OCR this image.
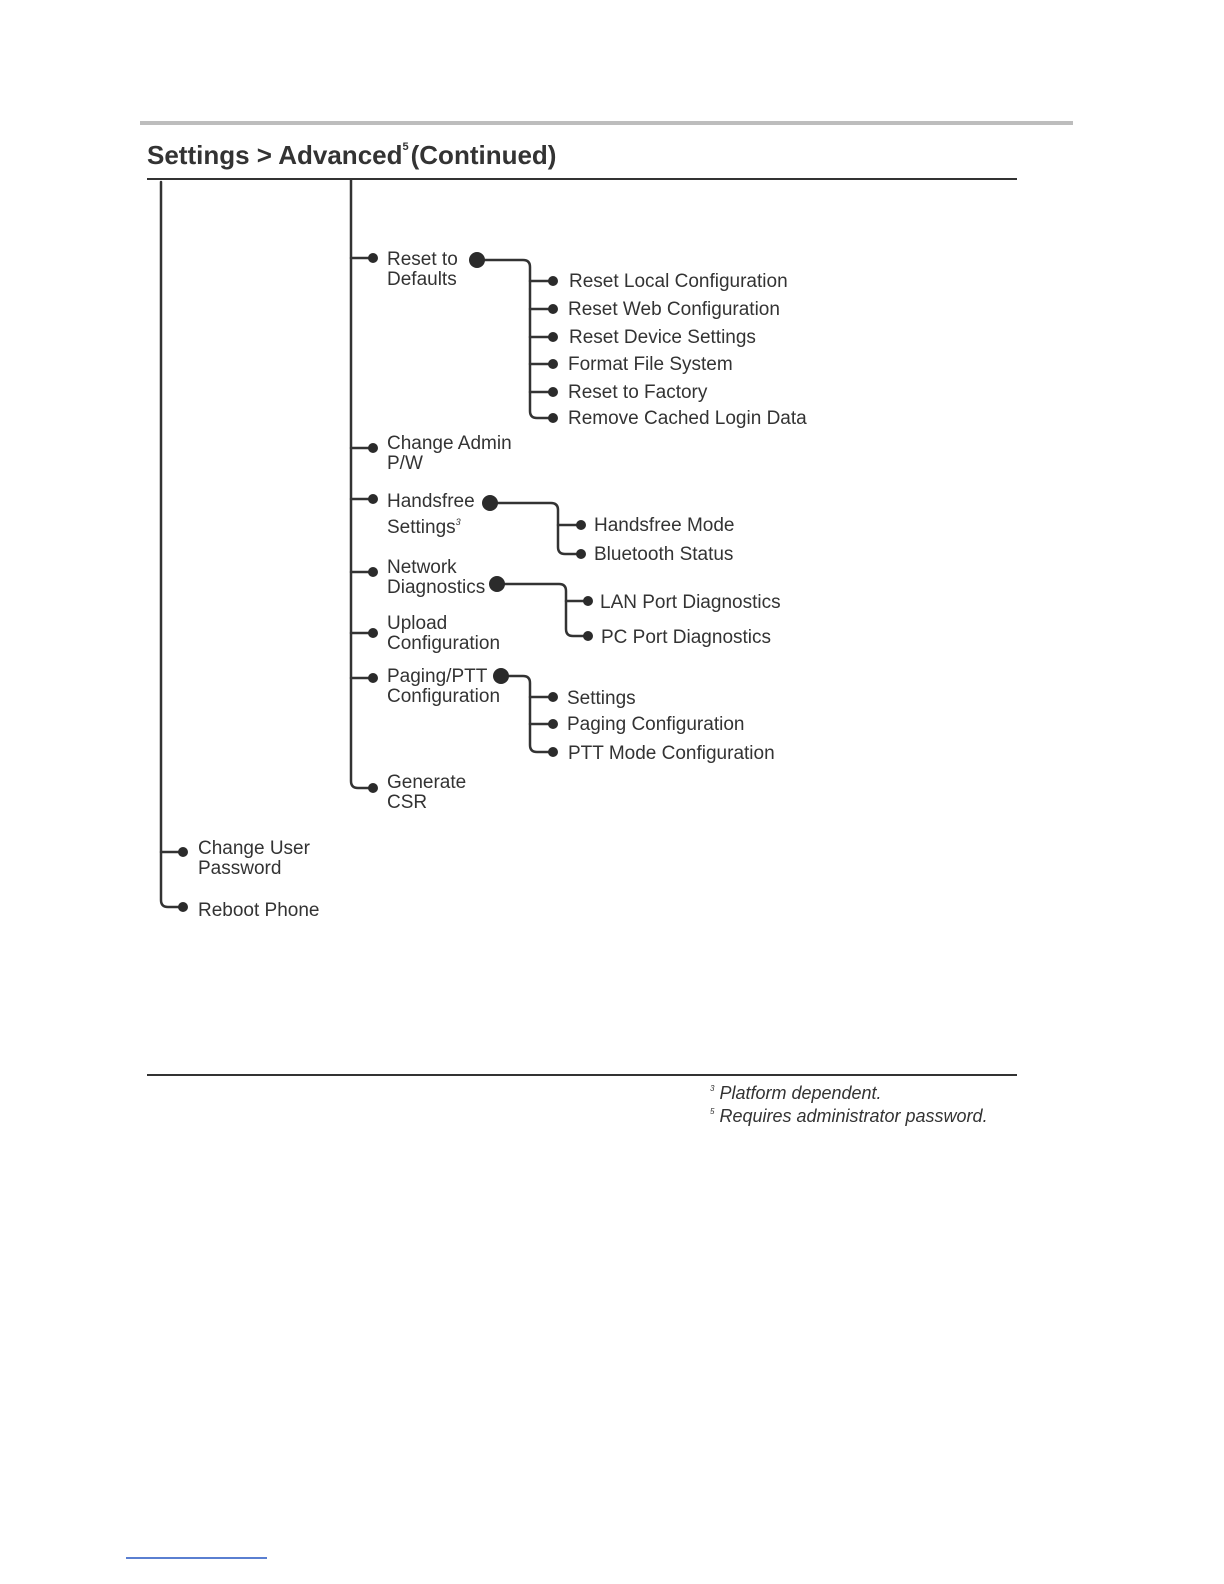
Settings > Advanced$^5$(Continued)
Reset to
Defaults
Change Admin
P/W
Handsfree
Settings$^3$
Network
Diagnostics
Upload
Configuration
Paging/PTT
Configuration
Generate
CSR
Reset Local Configuration
Reset Web Configuration
Reset Device Settings
Format File System
Reset to Factory
Remove Cached Login Data
Handsfree Mode
Bluetooth Status
LAN Port Diagnostics
PC Port Diagnostics
Settings
Paging Configuration
PTT Mode Configuration
Change User
Password
Reboot Phone
$^3$ Platform dependent.
$^5$ Requires administrator password.
